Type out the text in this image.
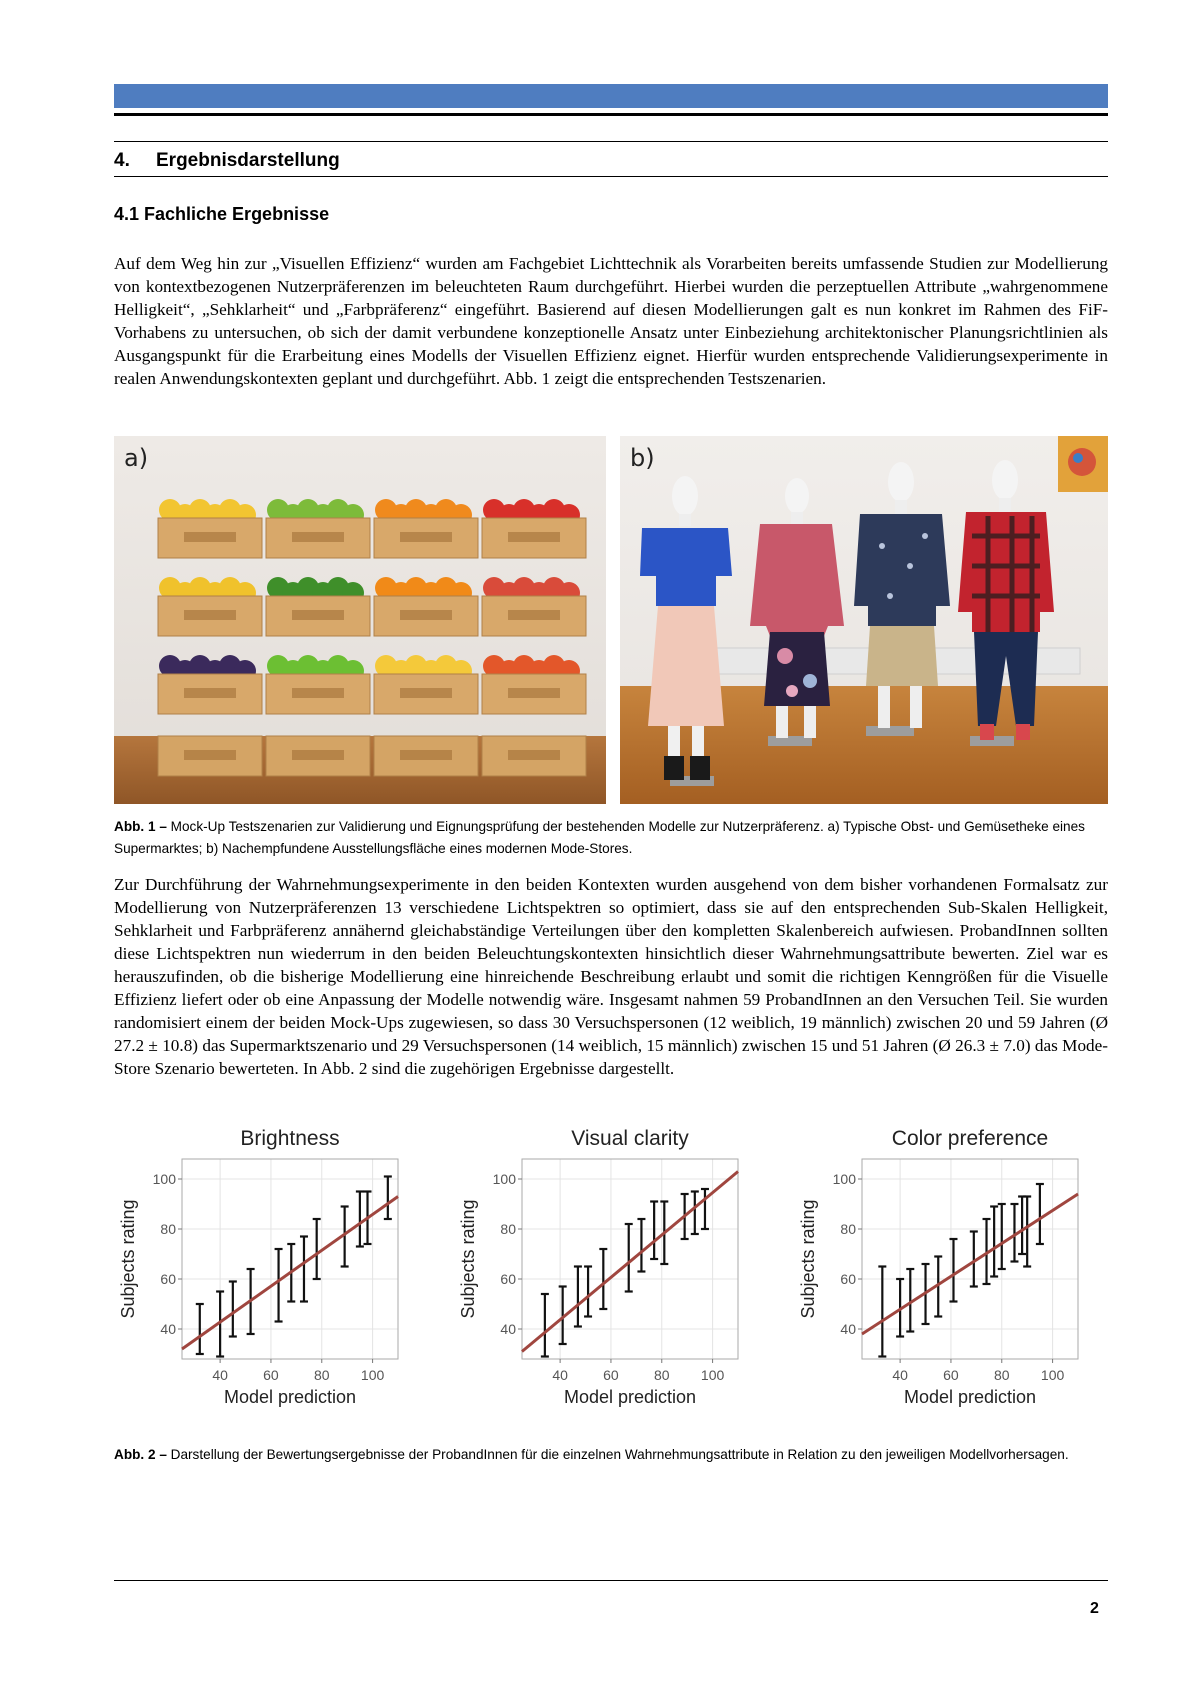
4. Ergebnisdarstellung
4.1 Fachliche Ergebnisse

Auf dem Weg hin zur „Visuellen Effizienz“ wurden am Fachgebiet Lichttechnik als Vorarbeiten bereits umfassende Studien zur Modellierung von kontextbezogenen Nutzerpräferenzen im beleuchteten Raum durchgeführt. Hierbei wurden die perzeptuellen Attribute „wahrgenommene Helligkeit“, „Sehklarheit“ und „Farbpräferenz“ eingeführt. Basierend auf diesen Modellierungen galt es nun konkret im Rahmen des FiF-Vorhabens zu untersuchen, ob sich der damit verbundene konzeptionelle Ansatz unter Einbeziehung architektonischer Planungsrichtlinien als Ausgangspunkt für die Erarbeitung eines Modells der Visuellen Effizienz eignet. Hierfür wurden entsprechende Validierungsexperimente in realen Anwendungskontexten geplant und durchgeführt. Abb. 1 zeigt die entsprechenden Testszenarien.

a)	b)

Abb. 1 – Mock-Up Testszenarien zur Validierung und Eignungsprüfung der bestehenden Modelle zur Nutzerpräferenz. a) Typische Obst- und Gemüsetheke eines Supermarktes; b) Nachempfundene Ausstellungsfläche eines modernen Mode-Stores.

Zur Durchführung der Wahrnehmungsexperimente in den beiden Kontexten wurden ausgehend von dem bisher vorhandenen Formalsatz zur Modellierung von Nutzerpräferenzen 13 verschiedene Lichtspektren so optimiert, dass sie auf den entsprechenden Sub-Skalen Helligkeit, Sehklarheit und Farbpräferenz annähernd gleichabständige Verteilungen über den kompletten Skalenbereich aufwiesen. ProbandInnen sollten diese Lichtspektren nun wiederrum in den beiden Beleuchtungskontexten hinsichtlich dieser Wahrnehmungsattribute bewerten. Ziel war es herauszufinden, ob die bisherige Modellierung eine hinreichende Beschreibung erlaubt und somit die richtigen Kenngrößen für die Visuelle Effizienz liefert oder ob eine Anpassung der Modelle notwendig wäre. Insgesamt nahmen 59 ProbandInnen an den Versuchen Teil. Sie wurden randomisiert einem der beiden Mock-Ups zugewiesen, so dass 30 Versuchspersonen (12 weiblich, 19 männlich) zwischen 20 und 59 Jahren (Ø 27.2 ± 10.8) das Supermarktszenario und 29 Versuchspersonen (14 weiblich, 15 männlich) zwischen 15 und 51 Jahren (Ø 26.3 ± 7.0) das Mode-Store Szenario bewerteten. In Abb. 2 sind die zugehörigen Ergebnisse dargestellt.

Brightness
40	60	80 100
40
60
80
100
Model prediction
Subjects rating
Visual clarity
40	60	80 100
40
60
80
100
Model prediction
Subjects rating
Color preference
40	60	80 100
40
60
80
100
Model prediction
Subjects rating

Abb. 2 – Darstellung der Bewertungsergebnisse der ProbandInnen für die einzelnen Wahrnehmungsattribute in Relation zu den jeweiligen Modellvorhersagen.

2
